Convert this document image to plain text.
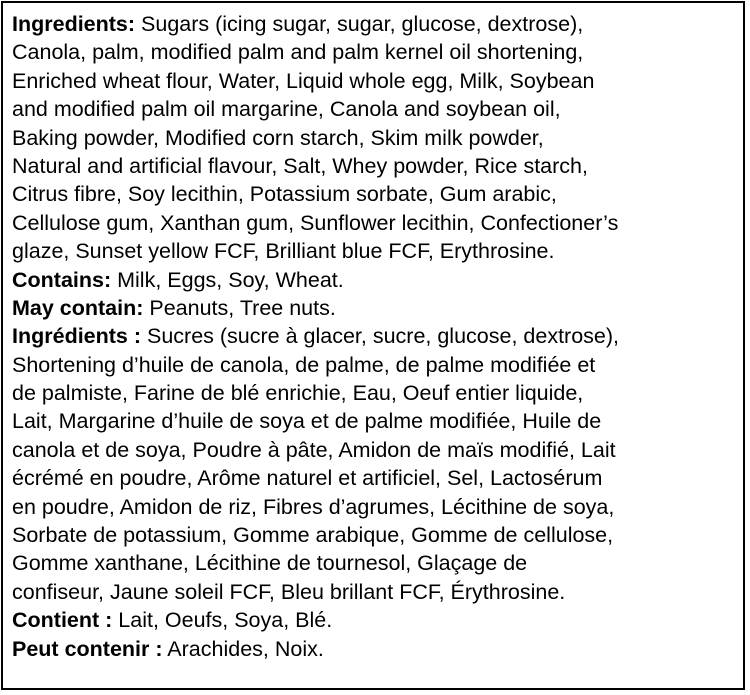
Ingredients: Sugars (icing sugar, sugar, glucose, dextrose),
Canola, palm, modified palm and palm kernel oil shortening,
Enriched wheat flour, Water, Liquid whole egg, Milk, Soybean
and modified palm oil margarine, Canola and soybean oil,
Baking powder, Modified corn starch, Skim milk powder,
Natural and artificial flavour, Salt, Whey powder, Rice starch,
Citrus fibre, Soy lecithin, Potassium sorbate, Gum arabic,
Cellulose gum, Xanthan gum, Sunflower lecithin, Confectioner’s
glaze, Sunset yellow FCF, Brilliant blue FCF, Erythrosine.
Contains: Milk, Eggs, Soy, Wheat.
May contain: Peanuts, Tree nuts.
Ingrédients : Sucres (sucre à glacer, sucre, glucose, dextrose),
Shortening d’huile de canola, de palme, de palme modifiée et
de palmiste, Farine de blé enrichie, Eau, Oeuf entier liquide,
Lait, Margarine d’huile de soya et de palme modifiée, Huile de
canola et de soya, Poudre à pâte, Amidon de maïs modifié, Lait
écrémé en poudre, Arôme naturel et artificiel, Sel, Lactosérum
en poudre, Amidon de riz, Fibres d’agrumes, Lécithine de soya,
Sorbate de potassium, Gomme arabique, Gomme de cellulose,
Gomme xanthane, Lécithine de tournesol, Glaçage de
confiseur, Jaune soleil FCF, Bleu brillant FCF, Érythrosine.
Contient : Lait, Oeufs, Soya, Blé.
Peut contenir : Arachides, Noix.
